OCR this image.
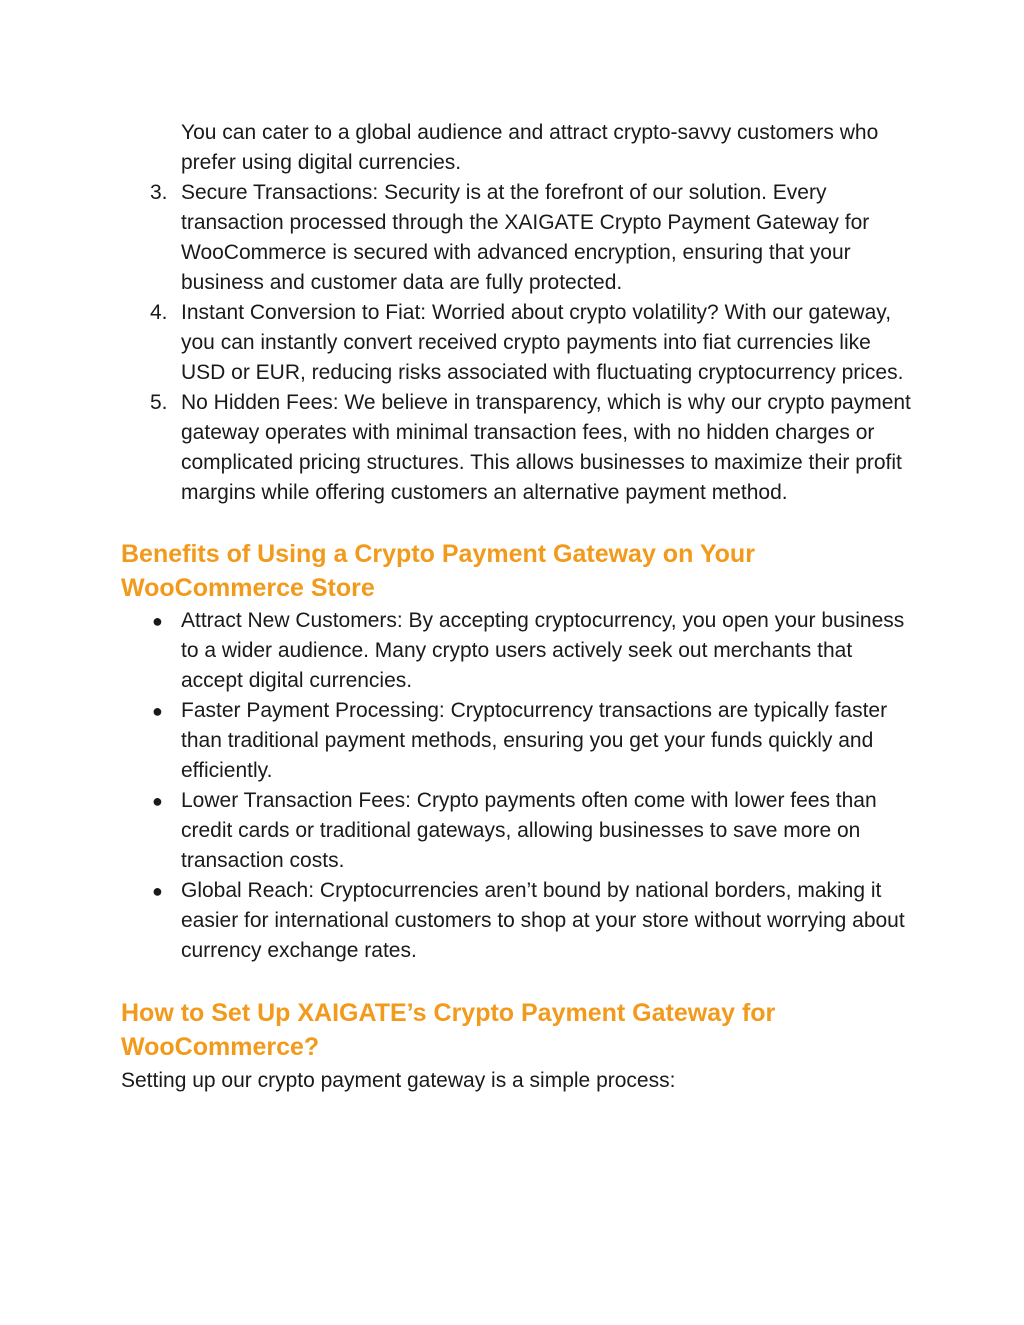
You can cater to a global audience and attract crypto-savvy customers who prefer using digital currencies.

3. Secure Transactions: Security is at the forefront of our solution. Every transaction processed through the XAIGATE Crypto Payment Gateway for WooCommerce is secured with advanced encryption, ensuring that your business and customer data are fully protected.
4. Instant Conversion to Fiat: Worried about crypto volatility? With our gateway, you can instantly convert received crypto payments into fiat currencies like USD or EUR, reducing risks associated with fluctuating cryptocurrency prices.
5. No Hidden Fees: We believe in transparency, which is why our crypto payment gateway operates with minimal transaction fees, with no hidden charges or complicated pricing structures. This allows businesses to maximize their profit margins while offering customers an alternative payment method.
Benefits of Using a Crypto Payment Gateway on Your WooCommerce Store
● Attract New Customers: By accepting cryptocurrency, you open your business to a wider audience. Many crypto users actively seek out merchants that accept digital currencies.
● Faster Payment Processing: Cryptocurrency transactions are typically faster than traditional payment methods, ensuring you get your funds quickly and efficiently.
● Lower Transaction Fees: Crypto payments often come with lower fees than credit cards or traditional gateways, allowing businesses to save more on transaction costs.
● Global Reach: Cryptocurrencies aren’t bound by national borders, making it easier for international customers to shop at your store without worrying about currency exchange rates.
How to Set Up XAIGATE’s Crypto Payment Gateway for WooCommerce?

Setting up our crypto payment gateway is a simple process:
